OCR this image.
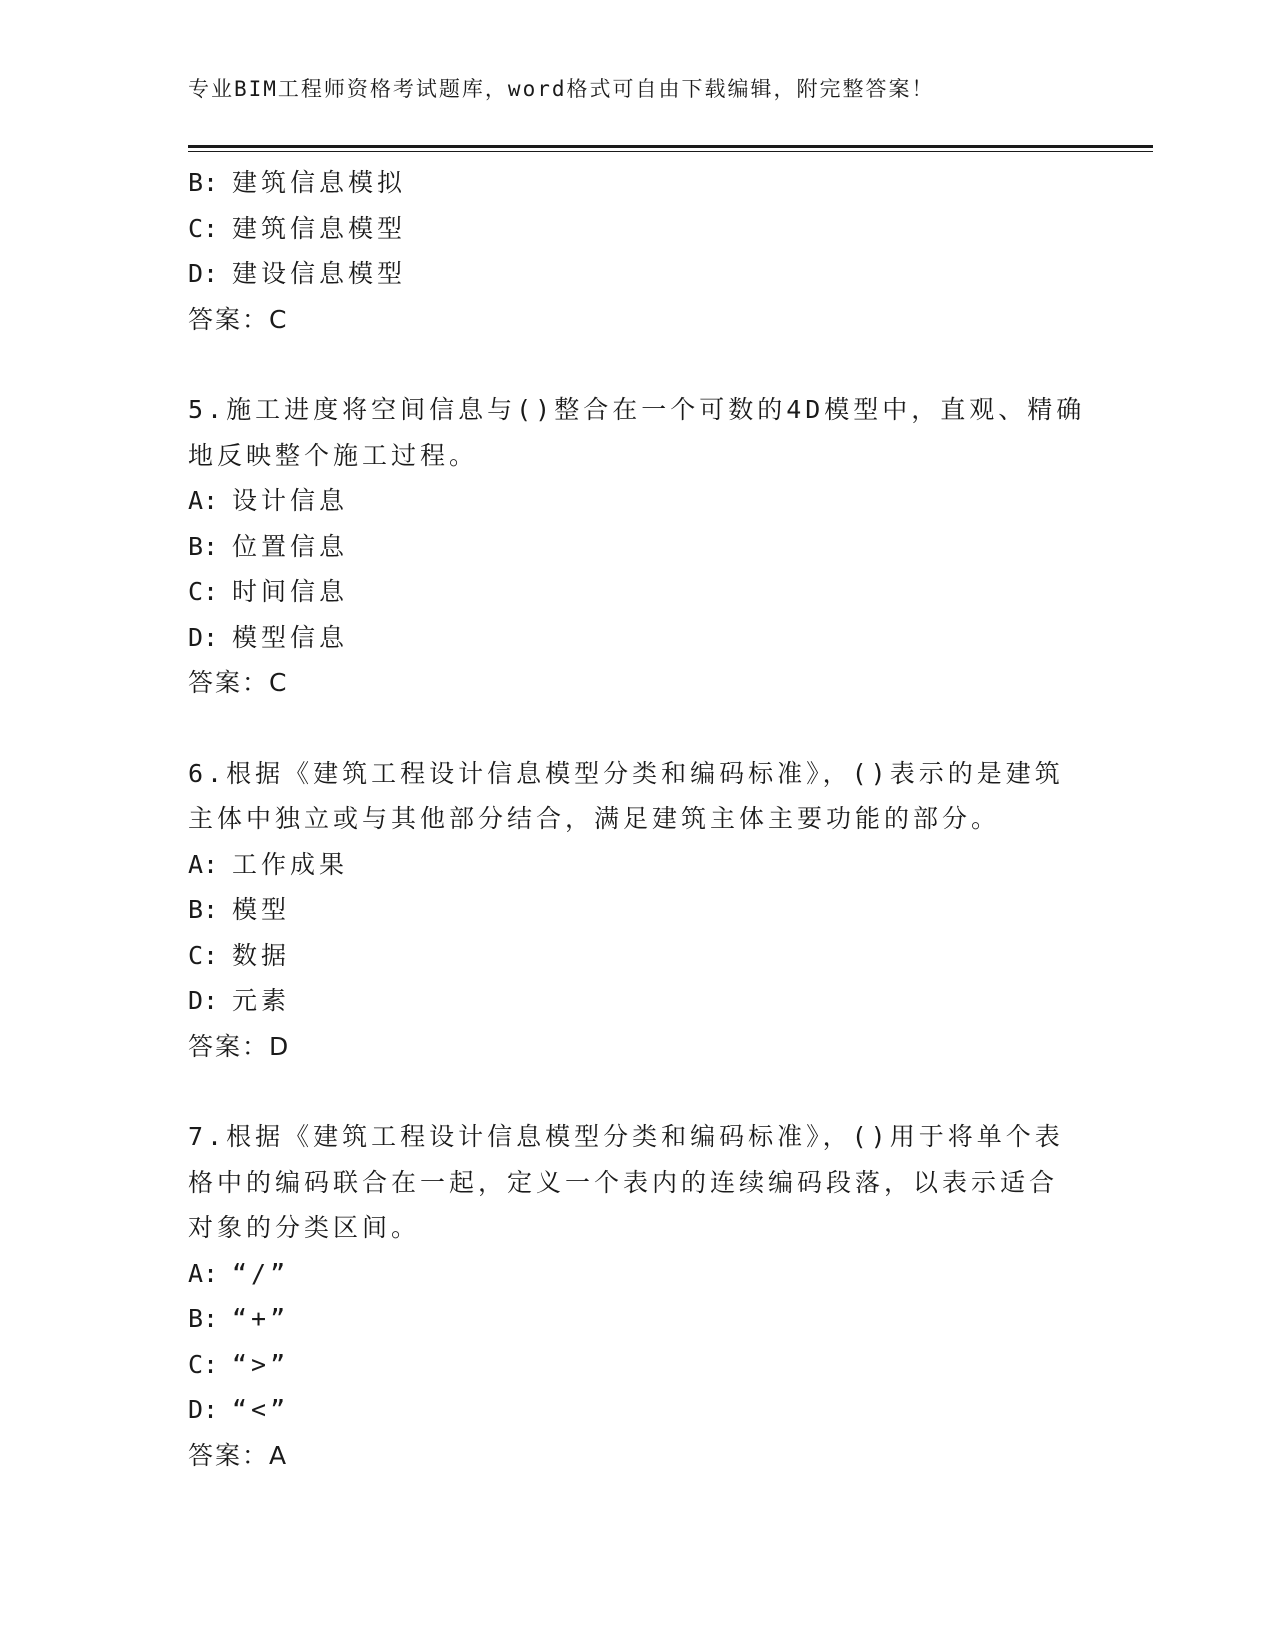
专业BIM工程师资格考试题库，word格式可自由下载编辑，附完整答案！
B: 建筑信息模拟
C: 建筑信息模型
D: 建设信息模型
答案：C
5.施工进度将空间信息与()整合在一个可数的4D模型中，直观、精确
地反映整个施工过程。
A: 设计信息
B: 位置信息
C: 时间信息
D: 模型信息
答案：C
6.根据《建筑工程设计信息模型分类和编码标准》，()表示的是建筑
主体中独立或与其他部分结合，满足建筑主体主要功能的部分。
A: 工作成果
B: 模型
C: 数据
D: 元素
答案：D
7.根据《建筑工程设计信息模型分类和编码标准》，()用于将单个表
格中的编码联合在一起，定义一个表内的连续编码段落，以表示适合
对象的分类区间。
A: “/”
B: “+”
C: “>”
D: “<”
答案：A
